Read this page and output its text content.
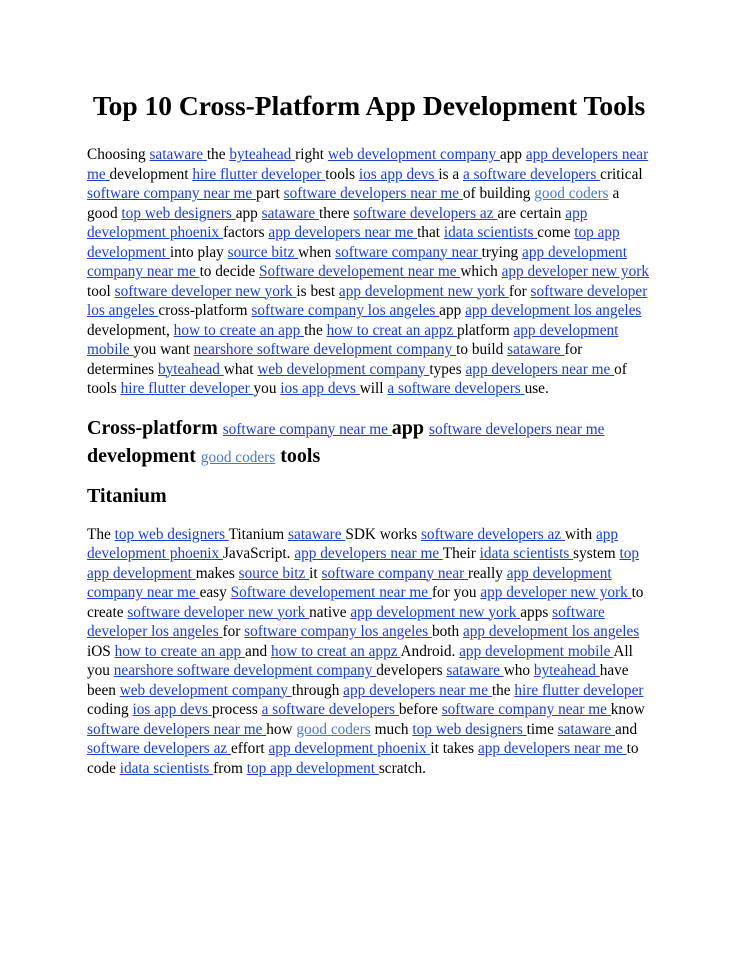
Top 10 Cross-Platform App Development Tools

Choosing sataware the byteahead right web development company app app developers near me development hire flutter developer tools ios app devs is a a software developers critical software company near me part software developers near me of building good coders a good top web designers app sataware there software developers az are certain app development phoenix factors app developers near me that idata scientists come top app development into play source bitz when software company near trying app development company near me to decide Software developement near me which app developer new york tool software developer new york is best app development new york for software developer los angeles cross-platform software company los angeles app app development los angeles development, how to create an app the how to creat an appz platform app development mobile you want nearshore software development company to build sataware for determines byteahead what web development company types app developers near me of tools hire flutter developer you ios app devs will a software developers use.

Cross-platform software company near me app software developers near me development good coders tools
Titanium

The top web designers Titanium sataware SDK works software developers az with app development phoenix JavaScript. app developers near me Their idata scientists system top app development makes source bitz it software company near really app development company near me easy Software developement near me for you app developer new york to create software developer new york native app development new york apps software developer los angeles for software company los angeles both app development los angeles iOS how to create an app and how to creat an appz Android. app development mobile All you nearshore software development company developers sataware who byteahead have been web development company through app developers near me the hire flutter developer coding ios app devs process a software developers before software company near me know software developers near me how good coders much top web designers time sataware and software developers az effort app development phoenix it takes app developers near me to code idata scientists from top app development scratch.
